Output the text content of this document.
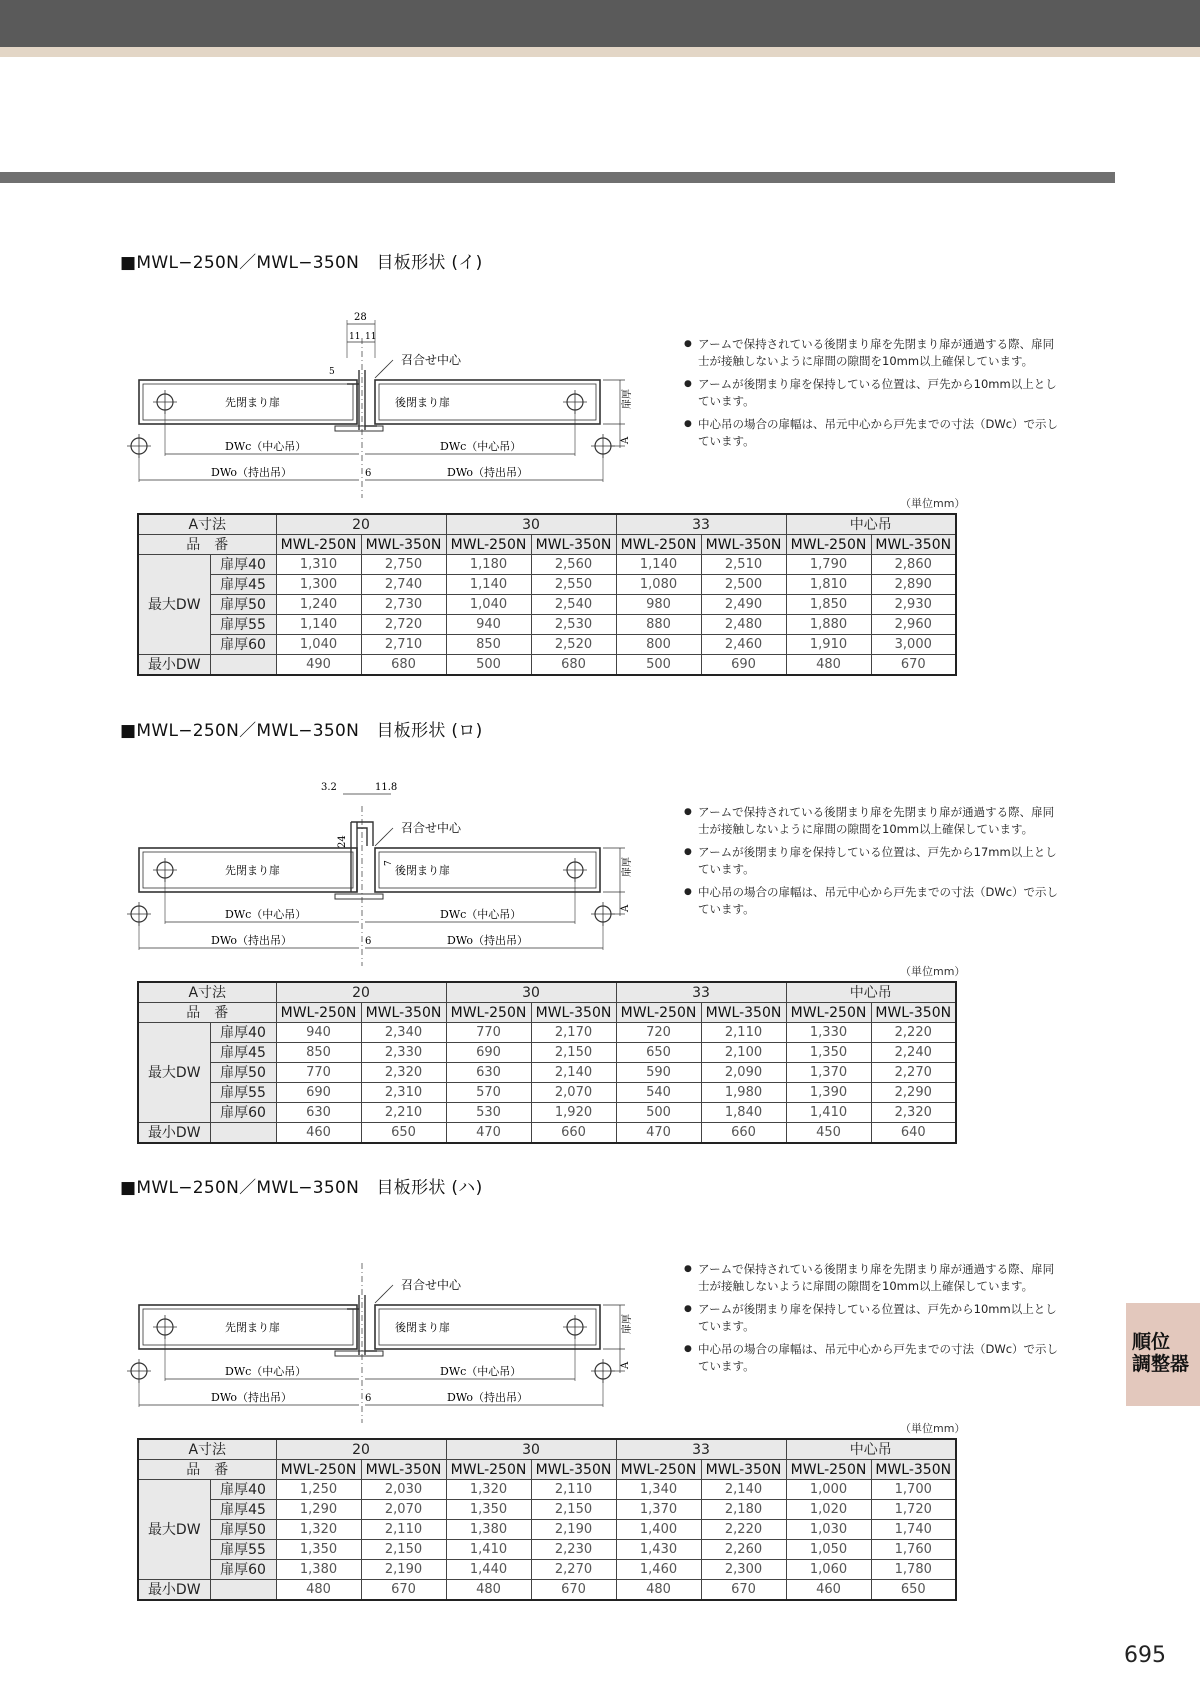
■MWL−250N／MWL−350N　目板形状 (イ)
召合せ中心
先閉まり扉	後閉まり扉	扉厚
A
DWc（中心吊）	DWc（中心吊）
DWo（持出吊）	DWo（持出吊）
6
28
11 11
5
● アームで保持されている後閉まり扉を先閉まり扉が通過する際、扉同士が接触しないように扉間の隙間を10mm以上確保しています。
● アームが後閉まり扉を保持している位置は、戸先から10mm以上としています。
● 中心吊の場合の扉幅は、吊元中心から戸先までの寸法（DWc）で示しています。
（単位mm）
A寸法		20		30		33		中心吊	
品　番		MWL-250N	MWL-350N	MWL-250N	MWL-350N	MWL-250N	MWL-350N	MWL-250N	MWL-350N
最大DW	扉厚40	1,310	2,750	1,180	2,560	1,140	2,510	1,790	2,860
	扉厚45	1,300	2,740	1,140	2,550	1,080	2,500	1,810	2,890
	扉厚50	1,240	2,730	1,040	2,540	980	2,490	1,850	2,930
	扉厚55	1,140	2,720	940	2,530	880	2,480	1,880	2,960
	扉厚60	1,040	2,710	850	2,520	800	2,460	1,910	3,000
最小DW		490	680	500	680	500	690	480	670
■MWL−250N／MWL−350N　目板形状 (ロ)
召合せ中心
先閉まり扉	後閉まり扉	扉厚
A
DWc（中心吊）	DWc（中心吊）
DWo（持出吊）	DWo（持出吊）
6
3.2	11.8
24
7
● アームで保持されている後閉まり扉を先閉まり扉が通過する際、扉同士が接触しないように扉間の隙間を10mm以上確保しています。
● アームが後閉まり扉を保持している位置は、戸先から17mm以上としています。
● 中心吊の場合の扉幅は、吊元中心から戸先までの寸法（DWc）で示しています。
（単位mm）
A寸法		20		30		33		中心吊	
品　番		MWL-250N	MWL-350N	MWL-250N	MWL-350N	MWL-250N	MWL-350N	MWL-250N	MWL-350N
最大DW	扉厚40	940	2,340	770	2,170	720	2,110	1,330	2,220
	扉厚45	850	2,330	690	2,150	650	2,100	1,350	2,240
	扉厚50	770	2,320	630	2,140	590	2,090	1,370	2,270
	扉厚55	690	2,310	570	2,070	540	1,980	1,390	2,290
	扉厚60	630	2,210	530	1,920	500	1,840	1,410	2,320
最小DW		460	650	470	660	470	660	450	640
■MWL−250N／MWL−350N　目板形状 (ハ)
召合せ中心
先閉まり扉	後閉まり扉	扉厚
A
DWc（中心吊）	DWc（中心吊）
DWo（持出吊）	DWo（持出吊）
6
● アームで保持されている後閉まり扉を先閉まり扉が通過する際、扉同士が接触しないように扉間の隙間を10mm以上確保しています。
● アームが後閉まり扉を保持している位置は、戸先から10mm以上としています。
● 中心吊の場合の扉幅は、吊元中心から戸先までの寸法（DWc）で示しています。
（単位mm）
A寸法		20		30		33		中心吊	
品　番		MWL-250N	MWL-350N	MWL-250N	MWL-350N	MWL-250N	MWL-350N	MWL-250N	MWL-350N
最大DW	扉厚40	1,250	2,030	1,320	2,110	1,340	2,140	1,000	1,700
	扉厚45	1,290	2,070	1,350	2,150	1,370	2,180	1,020	1,720
	扉厚50	1,320	2,110	1,380	2,190	1,400	2,220	1,030	1,740
	扉厚55	1,350	2,150	1,410	2,230	1,430	2,260	1,050	1,760
	扉厚60	1,380	2,190	1,440	2,270	1,460	2,300	1,060	1,780
最小DW		480	670	480	670	480	670	460	650
順位
調整器
695
